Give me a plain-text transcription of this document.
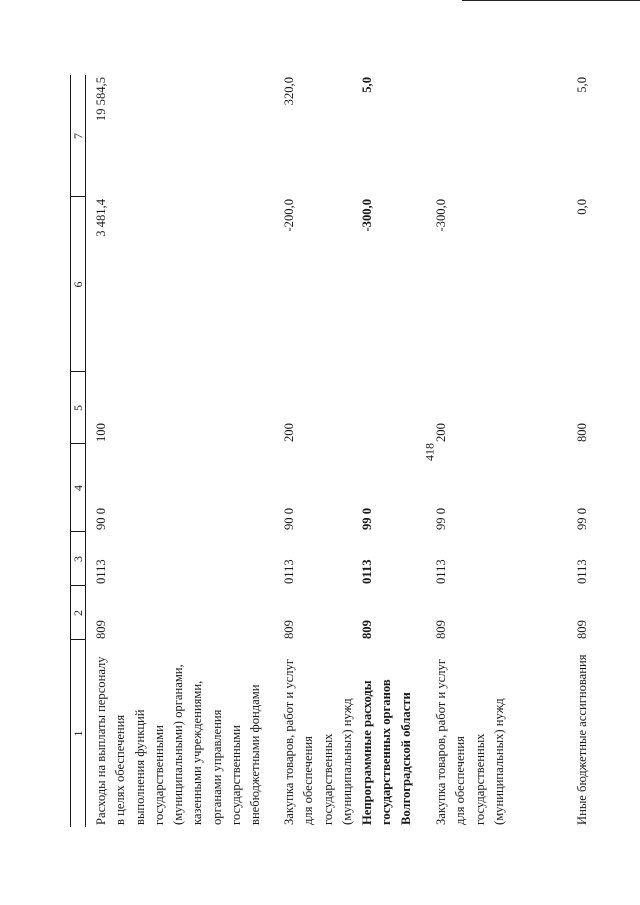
418
1
2
3
4
5
6
7
Расходы на выплаты персоналу в целях обеспечения выполнения функций государственными (муниципальными) органами, казенными учреждениями, органами управления государственными внебюджетными фондами
809
0113
90 0
100
3 481,4
19 584,5
Закупка товаров, работ и услуг для обеспечения государственных (муниципальных) нужд
809
0113
90 0
200
-200,0
320,0
Непрограммные расходы государственных органов Волгоградской области
809
0113
99 0
-300,0
5,0
Закупка товаров, работ и услуг для обеспечения государственных (муниципальных) нужд
809
0113
99 0
200
-300,0
Иные бюджетные ассигнования
809
0113
99 0
800
0,0
5,0
